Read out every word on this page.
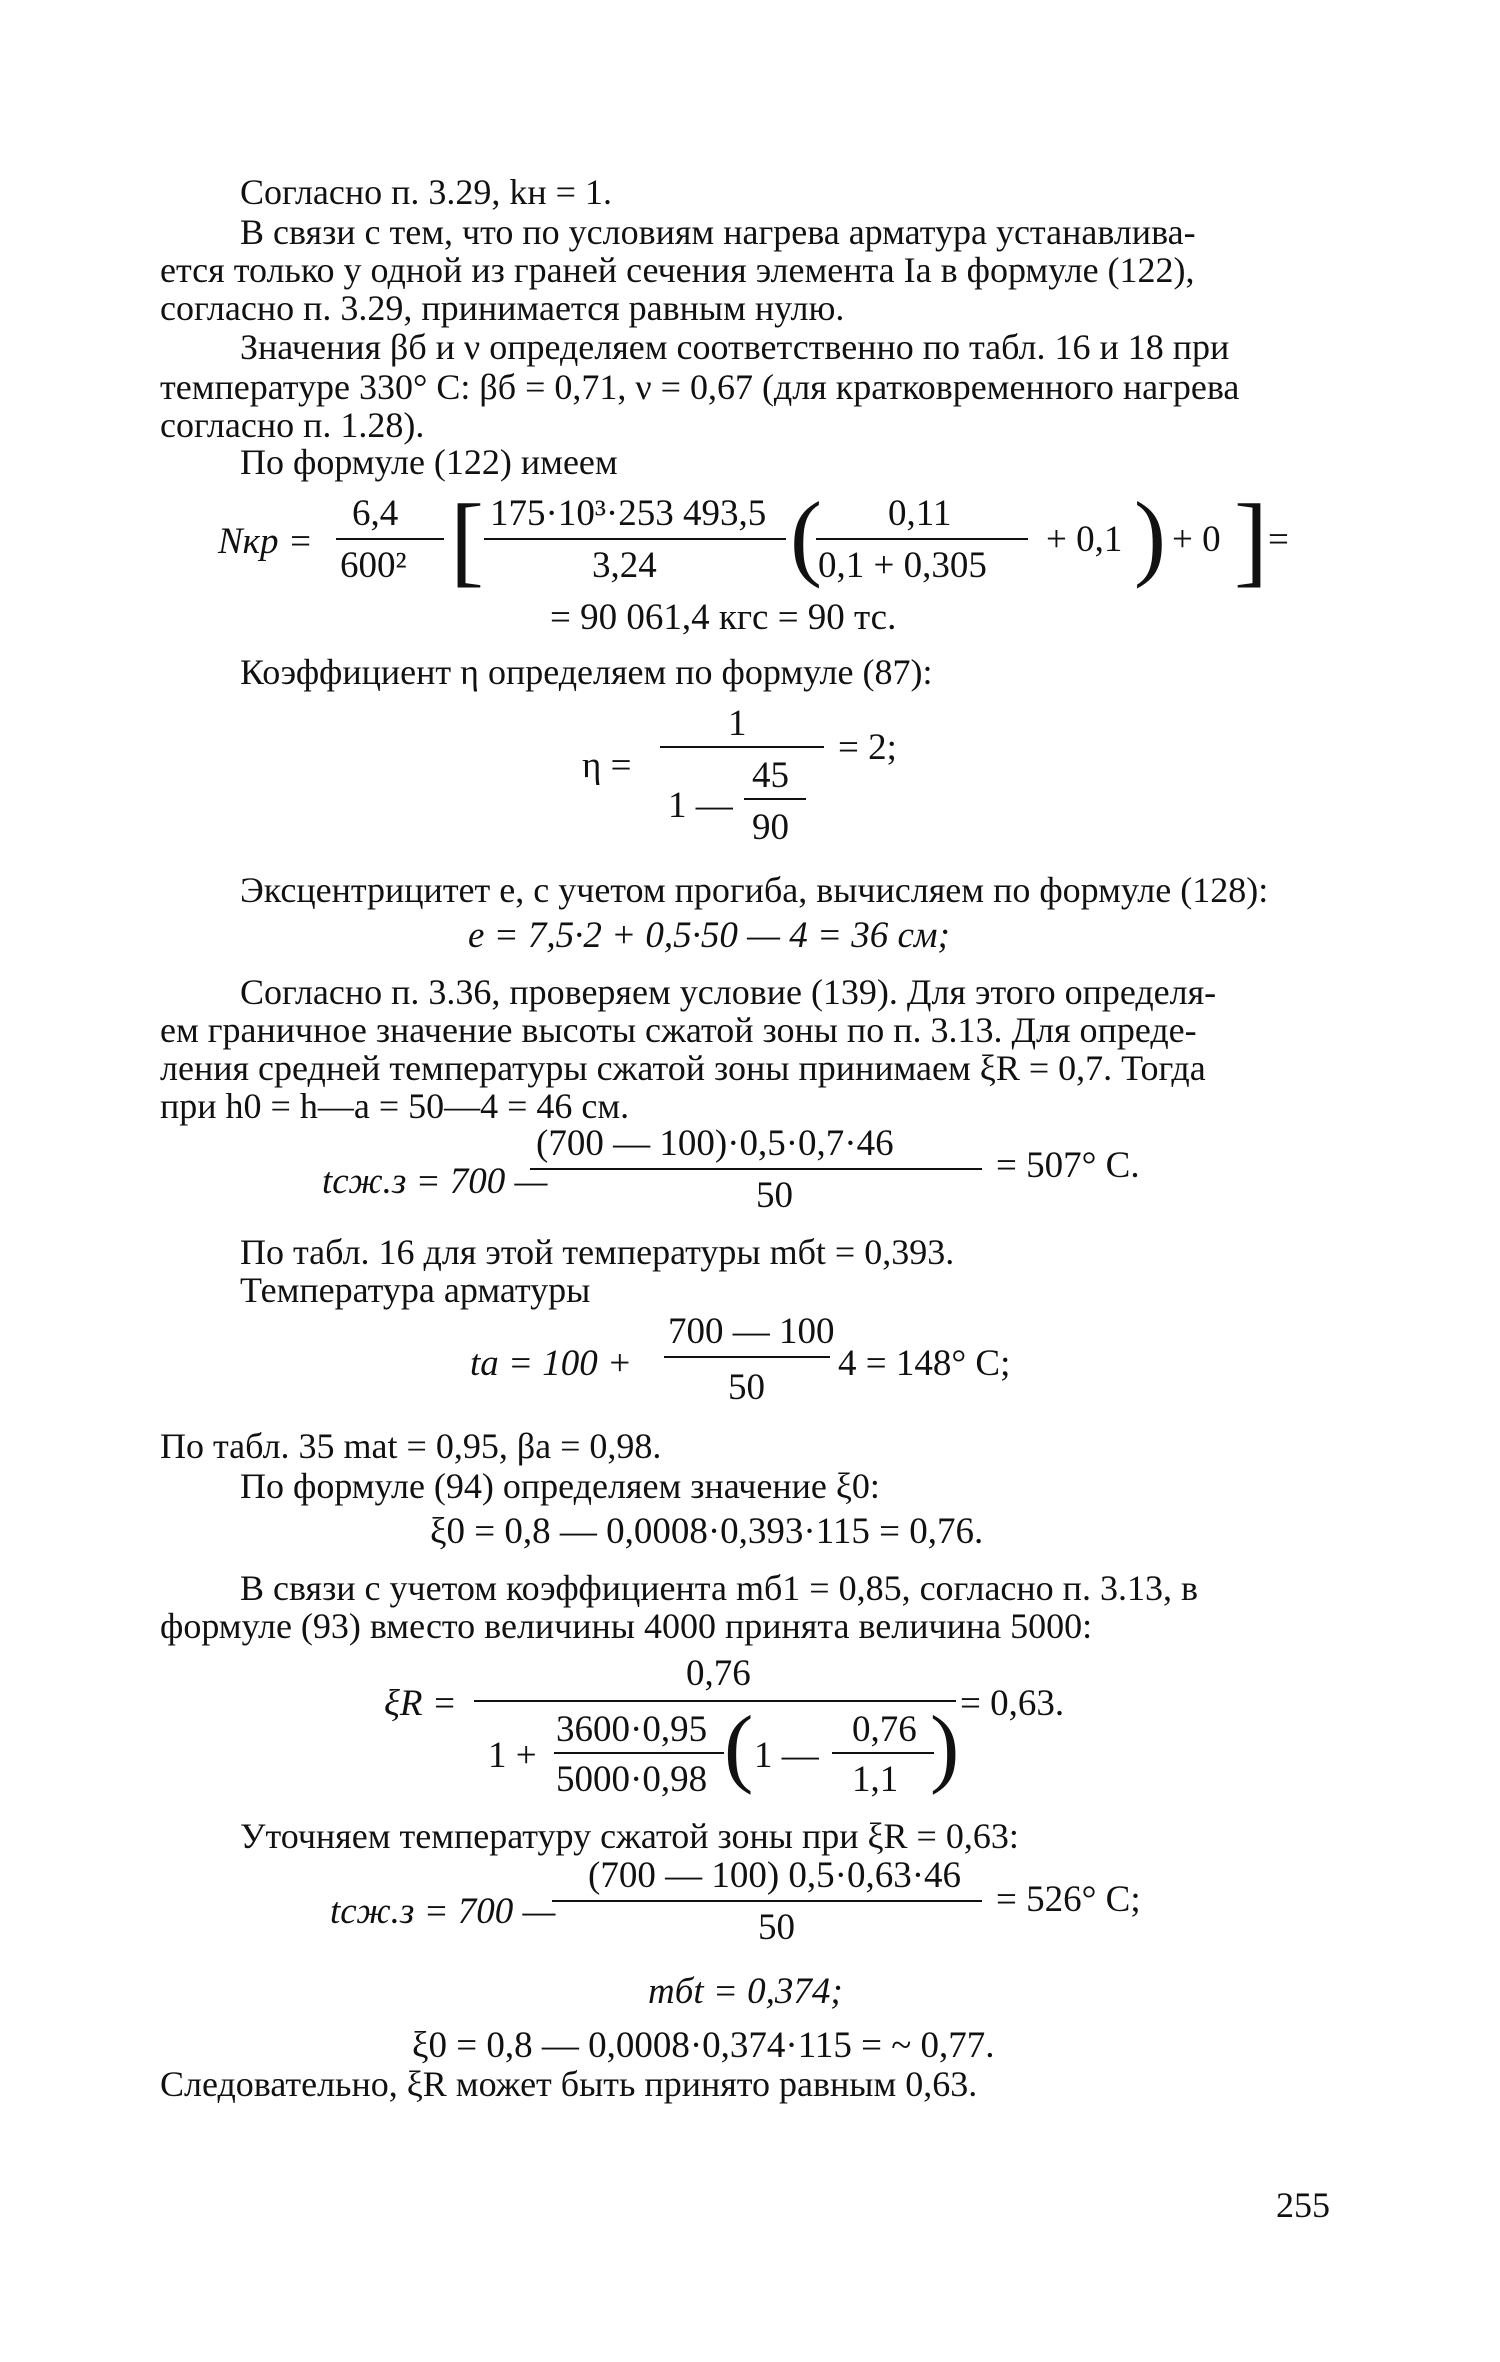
Согласно п. 3.29, kн = 1.
В связи с тем, что по условиям нагрева арматура устанавлива-
ется только у одной из граней сечения элемента Iа в формуле (122),
согласно п. 3.29, принимается равным нулю.
Значения βб и ν определяем соответственно по табл. 16 и 18 при
температуре 330° С: βб = 0,71, ν = 0,67 (для кратковременного нагрева
согласно п. 1.28).
По формуле (122) имеем
Nкр =
6,4
600² [ 175·10³·253 493,5
3,24 ( 0,11
0,1 + 0,305
+ 0,1 ) + 0 ] =
= 90 061,4 кгс = 90 тс.
Коэффициент η определяем по формуле (87):
η =
1
1 —
45
90
= 2;
Эксцентрицитет e, с учетом прогиба, вычисляем по формуле (128):
e = 7,5·2 + 0,5·50 — 4 = 36 см;
Согласно п. 3.36, проверяем условие (139). Для этого определя-
ем граничное значение высоты сжатой зоны по п. 3.13. Для опреде-
ления средней температуры сжатой зоны принимаем ξR = 0,7. Тогда
при h0 = h—a = 50—4 = 46 см.
tсж.з = 700 —
(700 — 100)·0,5·0,7·46
50
= 507° С.
По табл. 16 для этой температуры mбt = 0,393.
Температура арматуры
tа = 100 +
700 — 100
50
4 = 148° С;
По табл. 35 mat = 0,95, βa = 0,98.
По формуле (94) определяем значение ξ0:
ξ0 = 0,8 — 0,0008·0,393·115 = 0,76.
В связи с учетом коэффициента mб1 = 0,85, согласно п. 3.13, в
формуле (93) вместо величины 4000 принята величина 5000:
ξR =
0,76
1 +
3600·0,95
5000·0,98 ( 1 —
0,76
1,1 ) = 0,63.
Уточняем температуру сжатой зоны при ξR = 0,63:
tсж.з = 700 —
(700 — 100) 0,5·0,63·46
50
= 526° С;
mбt = 0,374;
ξ0 = 0,8 — 0,0008·0,374·115 = ~ 0,77.
Следовательно, ξR может быть принято равным 0,63.
255
